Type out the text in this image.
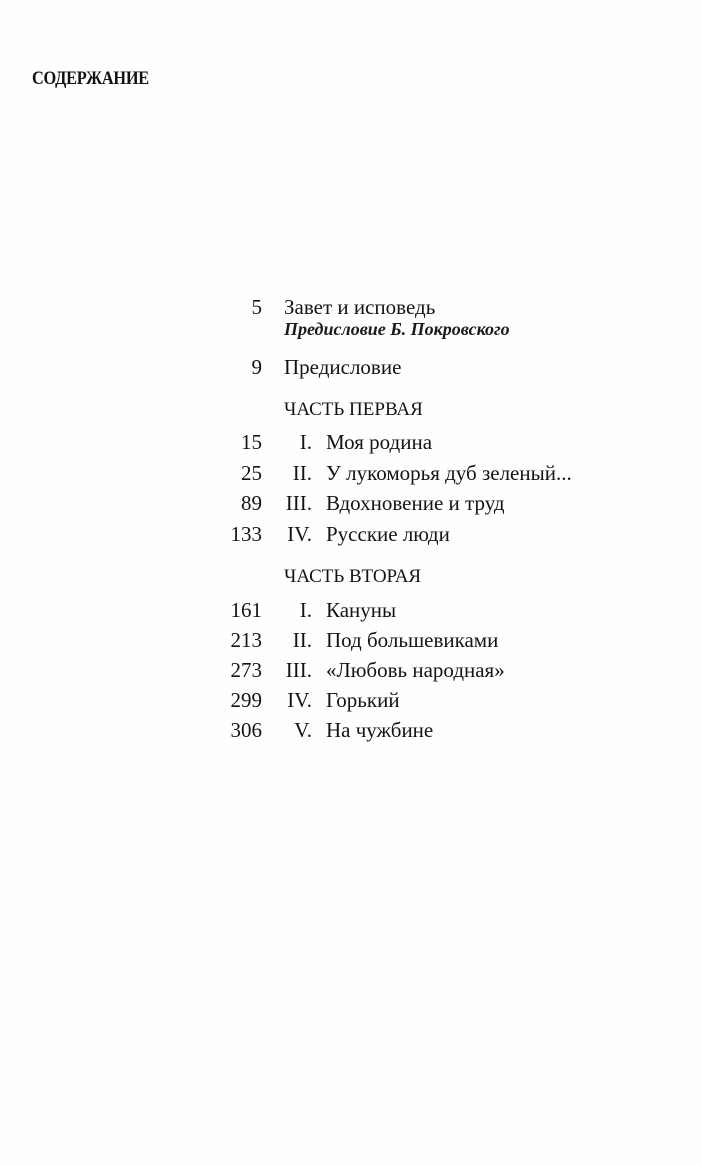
СОДЕРЖАНИЕ
5 Завет и исповедь
Предисловие Б. Покровского
9 Предисловие
ЧАСТЬ ПЕРВАЯ
15	I. Моя родина
25	II. У лукоморья дуб зеленый...
89	III. Вдохновение и труд
133	IV. Русские люди
ЧАСТЬ ВТОРАЯ
161	I. Кануны
213	II. Под большевиками
273	III. «Любовь народная»
299	IV. Горький
306	V. На чужбине
